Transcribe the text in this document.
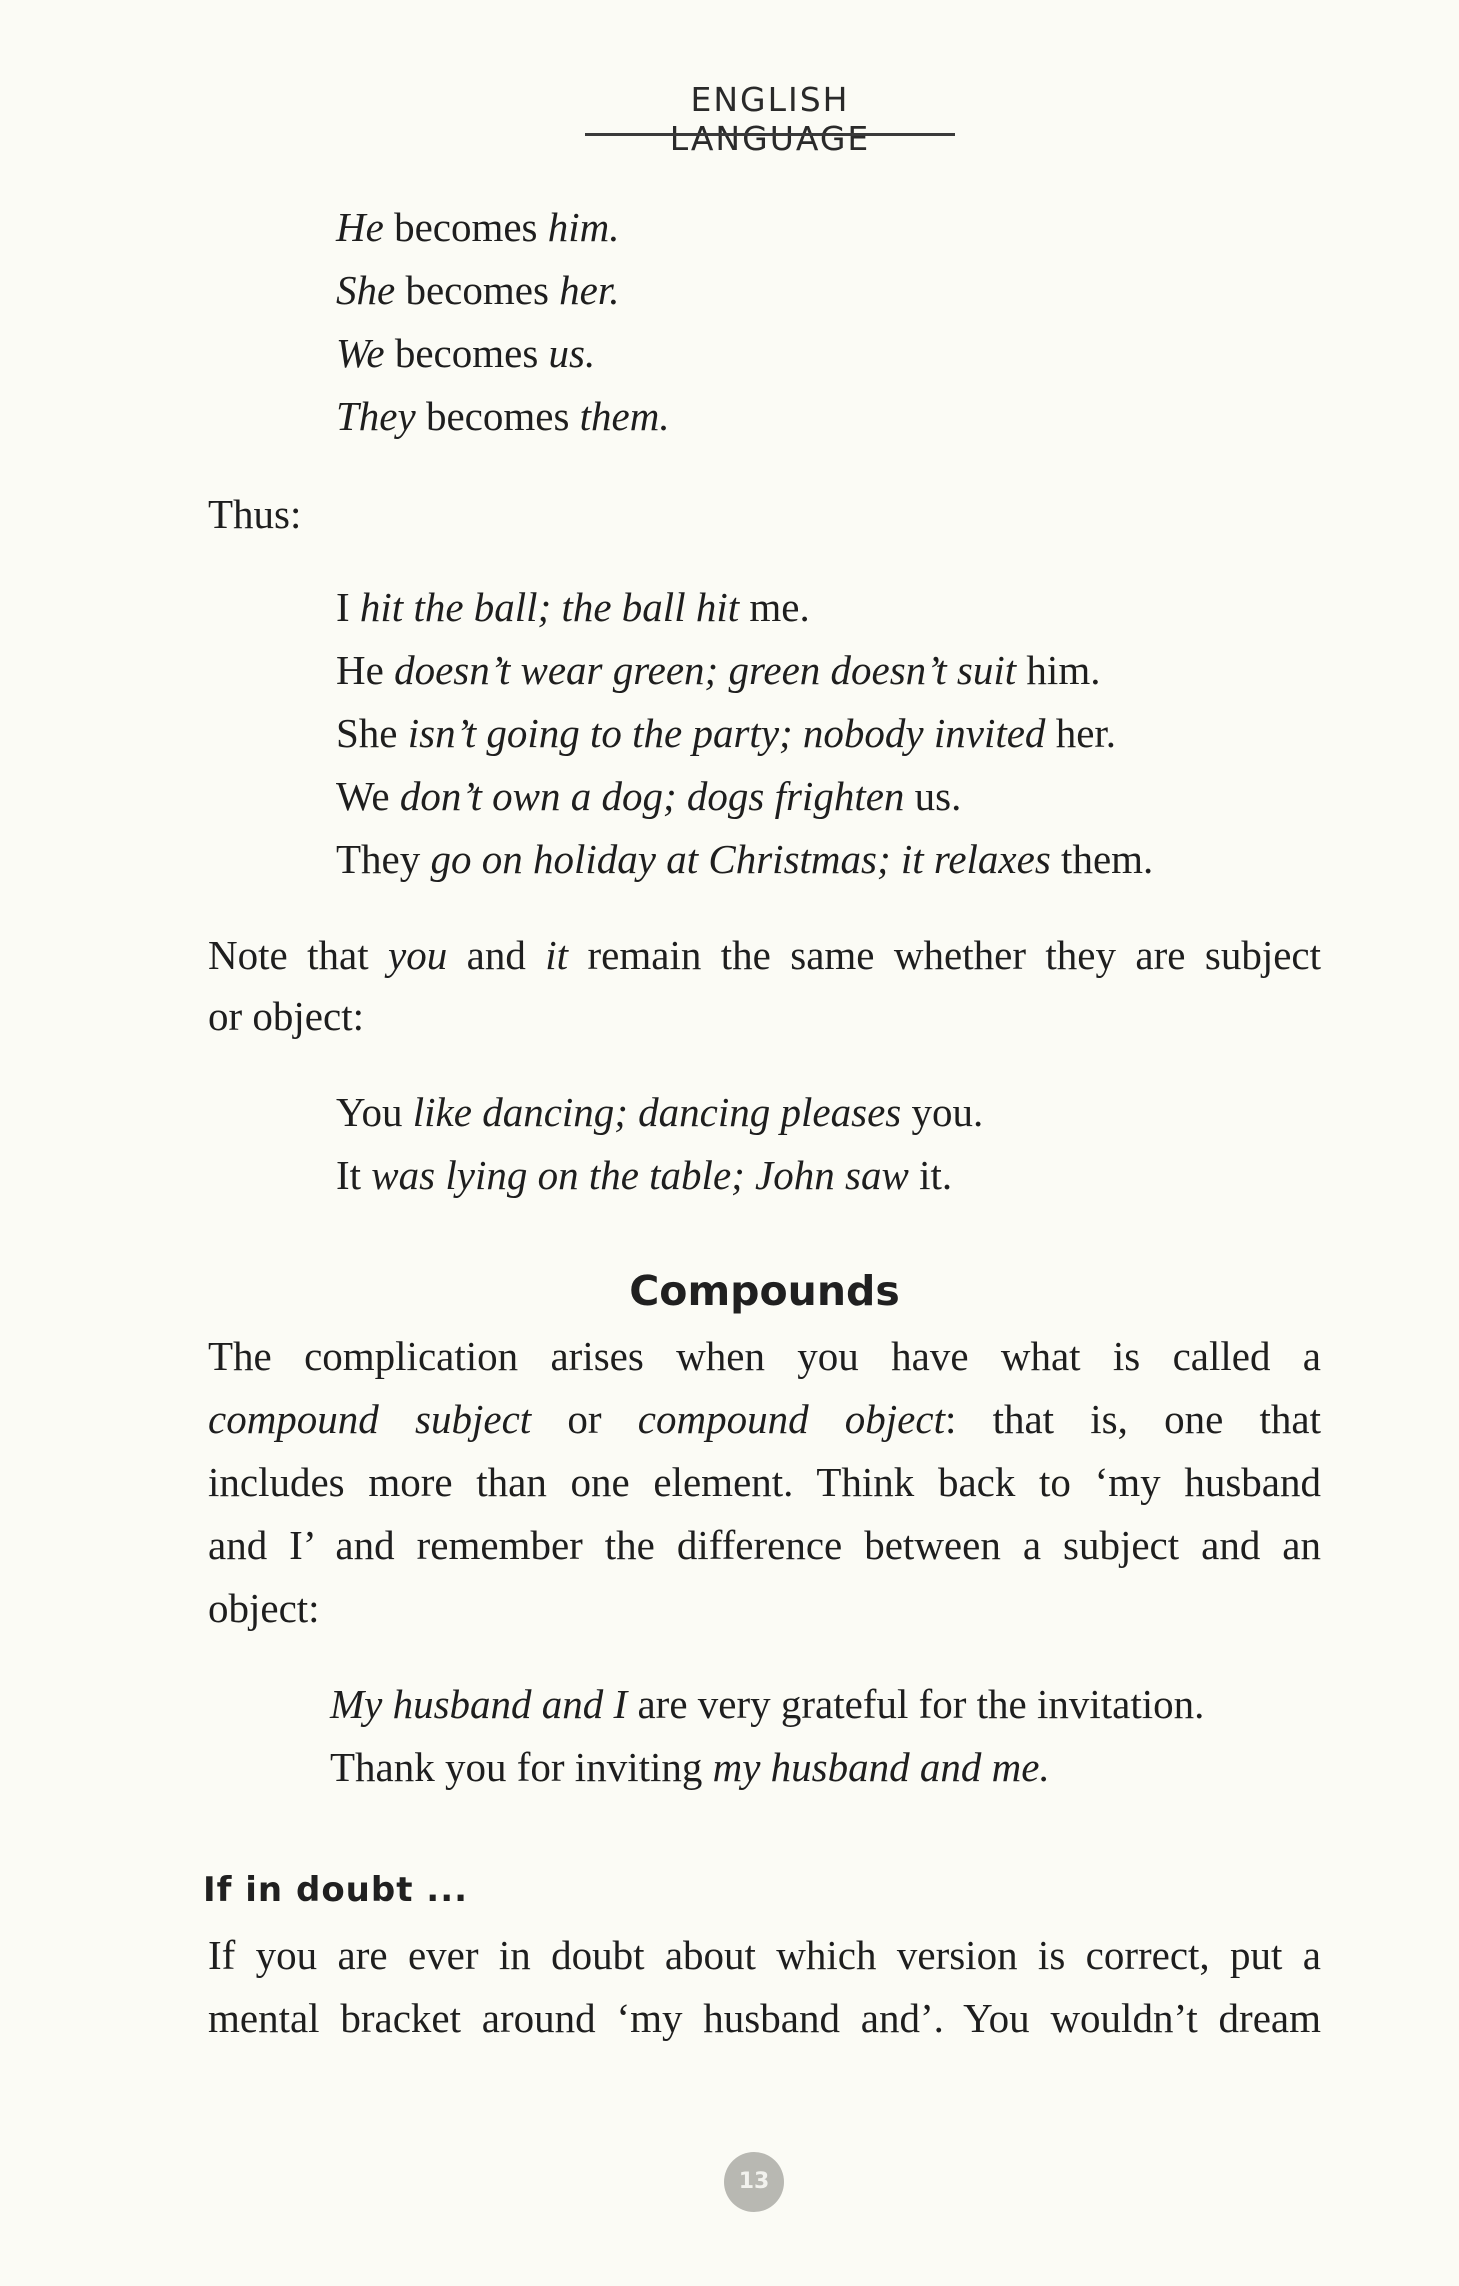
ENGLISH LANGUAGE
He becomes him.
She becomes her.
We becomes us.
They becomes them.
Thus:
I hit the ball; the ball hit me.
He doesn’t wear green; green doesn’t suit him.
She isn’t going to the party; nobody invited her.
We don’t own a dog; dogs frighten us.
They go on holiday at Christmas; it relaxes them.
Note that you and it remain the same whether they are subject
or object:
You like dancing; dancing pleases you.
It was lying on the table; John saw it.
Compounds
The complication arises when you have what is called a
compound subject or compound object: that is, one that
includes more than one element. Think back to ‘my husband
and I’ and remember the difference between a subject and an
object:
My husband and I are very grateful for the invitation.
Thank you for inviting my husband and me.
If in doubt ...
If you are ever in doubt about which version is correct, put a
mental bracket around ‘my husband and’. You wouldn’t dream
13
